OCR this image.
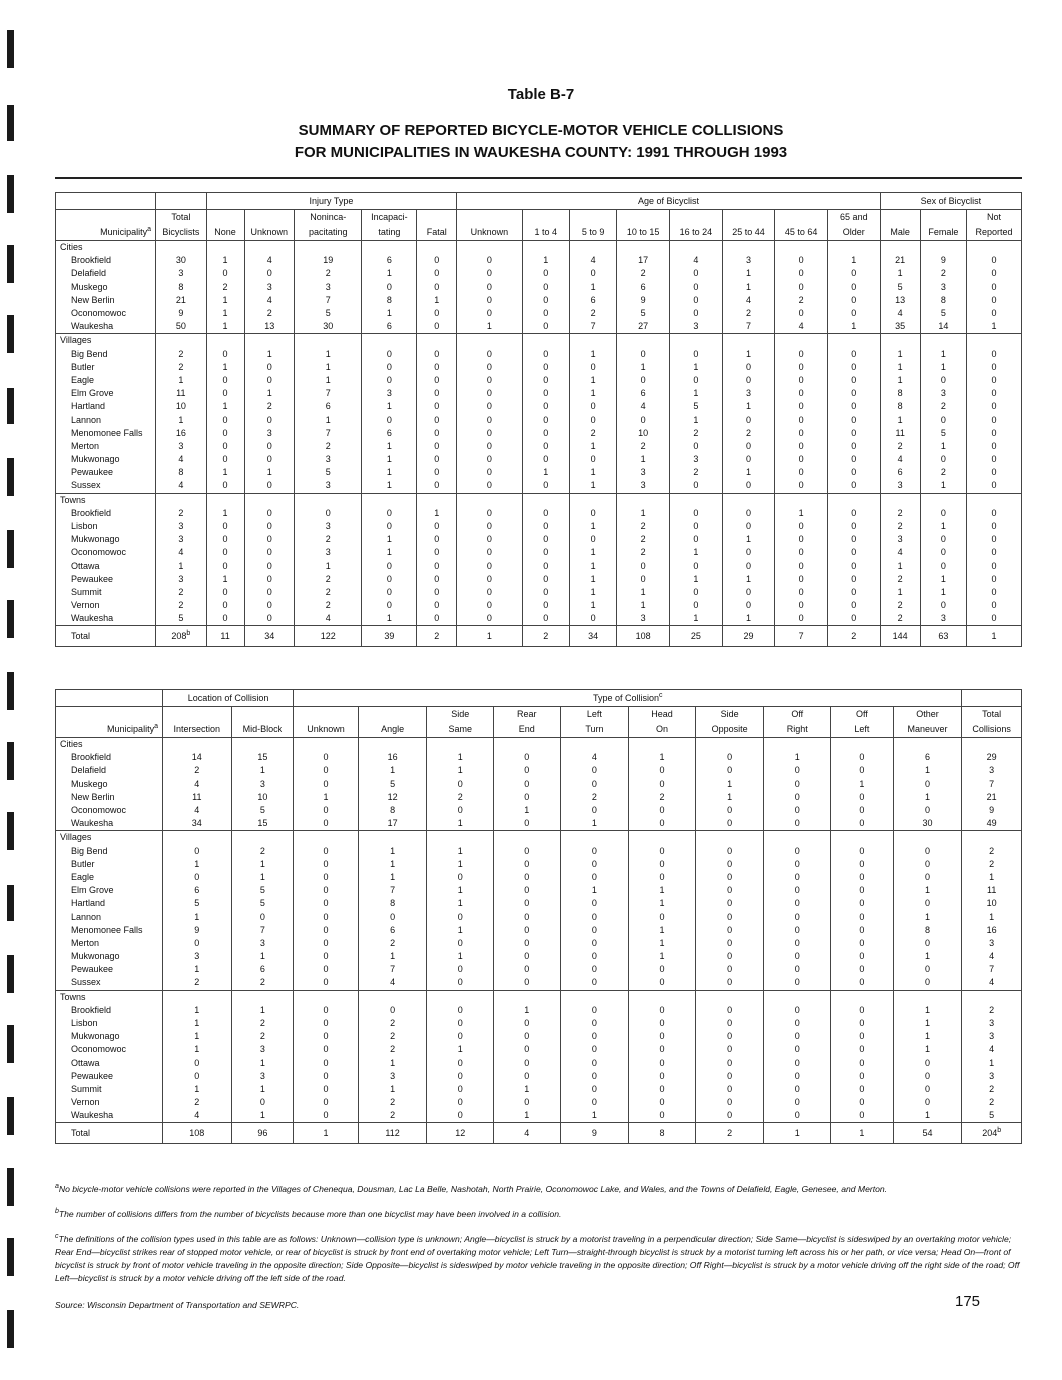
Table B-7
SUMMARY OF REPORTED BICYCLE-MOTOR VEHICLE COLLISIONS
FOR MUNICIPALITIES IN WAUKESHA COUNTY: 1991 THROUGH 1993
		Injury Type					Age of Bicyclist								Sex of Bicyclist		
	Total			Noninca-	Incapaci-									65 and			Not
Municipality$^a$	Bicyclists	None	Unknown	pacitating	tating	Fatal	Unknown	1 to 4	5 to 9	10 to 15	16 to 24	25 to 44	45 to 64	Older	Male	Female	Reported
Cities																	
Brookfield	30	1	4	19	6	0	0	1	4	17	4	3	0	1	21	9	0
Delafield	3	0	0	2	1	0	0	0	0	2	0	1	0	0	1	2	0
Muskego	8	2	3	3	0	0	0	0	1	6	0	1	0	0	5	3	0
New Berlin	21	1	4	7	8	1	0	0	6	9	0	4	2	0	13	8	0
Oconomowoc	9	1	2	5	1	0	0	0	2	5	0	2	0	0	4	5	0
Waukesha	50	1	13	30	6	0	1	0	7	27	3	7	4	1	35	14	1
Villages																	
Big Bend	2	0	1	1	0	0	0	0	1	0	0	1	0	0	1	1	0
Butler	2	1	0	1	0	0	0	0	0	1	1	0	0	0	1	1	0
Eagle	1	0	0	1	0	0	0	0	1	0	0	0	0	0	1	0	0
Elm Grove	11	0	1	7	3	0	0	0	1	6	1	3	0	0	8	3	0
Hartland	10	1	2	6	1	0	0	0	0	4	5	1	0	0	8	2	0
Lannon	1	0	0	1	0	0	0	0	0	0	1	0	0	0	1	0	0
Menomonee Falls	16	0	3	7	6	0	0	0	2	10	2	2	0	0	11	5	0
Merton	3	0	0	2	1	0	0	0	1	2	0	0	0	0	2	1	0
Mukwonago	4	0	0	3	1	0	0	0	0	1	3	0	0	0	4	0	0
Pewaukee	8	1	1	5	1	0	0	1	1	3	2	1	0	0	6	2	0
Sussex	4	0	0	3	1	0	0	0	1	3	0	0	0	0	3	1	0
Towns																	
Brookfield	2	1	0	0	0	1	0	0	0	1	0	0	1	0	2	0	0
Lisbon	3	0	0	3	0	0	0	0	1	2	0	0	0	0	2	1	0
Mukwonago	3	0	0	2	1	0	0	0	0	2	0	1	0	0	3	0	0
Oconomowoc	4	0	0	3	1	0	0	0	1	2	1	0	0	0	4	0	0
Ottawa	1	0	0	1	0	0	0	0	1	0	0	0	0	0	1	0	0
Pewaukee	3	1	0	2	0	0	0	0	1	0	1	1	0	0	2	1	0
Summit	2	0	0	2	0	0	0	0	1	1	0	0	0	0	1	1	0
Vernon	2	0	0	2	0	0	0	0	1	1	0	0	0	0	2	0	0
Waukesha	5	0	0	4	1	0	0	0	0	3	1	1	0	0	2	3	0
Total	208$^b$	11	34	122	39	2	1	2	34	108	25	29	7	2	144	63	1
	Location of Collision		Type of Collision$^c$	
					Side	Rear	Left	Head	Side	Off	Off	Other	Total
Municipality$^a$	Intersection	Mid-Block	Unknown	Angle	Same	End	Turn	On	Opposite	Right	Left	Maneuver	Collisions
Cities													
Brookfield	14	15	0	16	1	0	4	1	0	1	0	6	29
Delafield	2	1	0	1	1	0	0	0	0	0	0	1	3
Muskego	4	3	0	5	0	0	0	0	1	0	1	0	7
New Berlin	11	10	1	12	2	0	2	2	1	0	0	1	21
Oconomowoc	4	5	0	8	0	1	0	0	0	0	0	0	9
Waukesha	34	15	0	17	1	0	1	0	0	0	0	30	49
Villages													
Big Bend	0	2	0	1	1	0	0	0	0	0	0	0	2
Butler	1	1	0	1	1	0	0	0	0	0	0	0	2
Eagle	0	1	0	1	0	0	0	0	0	0	0	0	1
Elm Grove	6	5	0	7	1	0	1	1	0	0	0	1	11
Hartland	5	5	0	8	1	0	0	1	0	0	0	0	10
Lannon	1	0	0	0	0	0	0	0	0	0	0	1	1
Menomonee Falls	9	7	0	6	1	0	0	1	0	0	0	8	16
Merton	0	3	0	2	0	0	0	1	0	0	0	0	3
Mukwonago	3	1	0	1	1	0	0	1	0	0	0	1	4
Pewaukee	1	6	0	7	0	0	0	0	0	0	0	0	7
Sussex	2	2	0	4	0	0	0	0	0	0	0	0	4
Towns													
Brookfield	1	1	0	0	0	1	0	0	0	0	0	1	2
Lisbon	1	2	0	2	0	0	0	0	0	0	0	1	3
Mukwonago	1	2	0	2	0	0	0	0	0	0	0	1	3
Oconomowoc	1	3	0	2	1	0	0	0	0	0	0	1	4
Ottawa	0	1	0	1	0	0	0	0	0	0	0	0	1
Pewaukee	0	3	0	3	0	0	0	0	0	0	0	0	3
Summit	1	1	0	1	0	1	0	0	0	0	0	0	2
Vernon	2	0	0	2	0	0	0	0	0	0	0	0	2
Waukesha	4	1	0	2	0	1	1	0	0	0	0	1	5
Total	108	96	1	112	12	4	9	8	2	1	1	54	204$^b$
$^a$No bicycle-motor vehicle collisions were reported in the Villages of Chenequa, Dousman, Lac La Belle, Nashotah, North Prairie, Oconomowoc Lake, and Wales, and the Towns of Delafield, Eagle, Genesee, and Merton.
$^b$The number of collisions differs from the number of bicyclists because more than one bicyclist may have been involved in a collision.
$^c$The definitions of the collision types used in this table are as follows: Unknown—collision type is unknown; Angle—bicyclist is struck by a motorist traveling in a perpendicular direction; Side Same—bicyclist is sideswiped by an overtaking motor vehicle; Rear End—bicyclist strikes rear of stopped motor vehicle, or rear of bicyclist is struck by front end of overtaking motor vehicle; Left Turn—straight-through bicyclist is struck by a motorist turning left across his or her path, or vice versa; Head On—front of bicyclist is struck by front of motor vehicle traveling in the opposite direction; Side Opposite—bicyclist is sideswiped by motor vehicle traveling in the opposite direction; Off Right—bicyclist is struck by a motor vehicle driving off the right side of the road; Off Left—bicyclist is struck by a motor vehicle driving off the left side of the road.
Source: Wisconsin Department of Transportation and SEWRPC.	175
